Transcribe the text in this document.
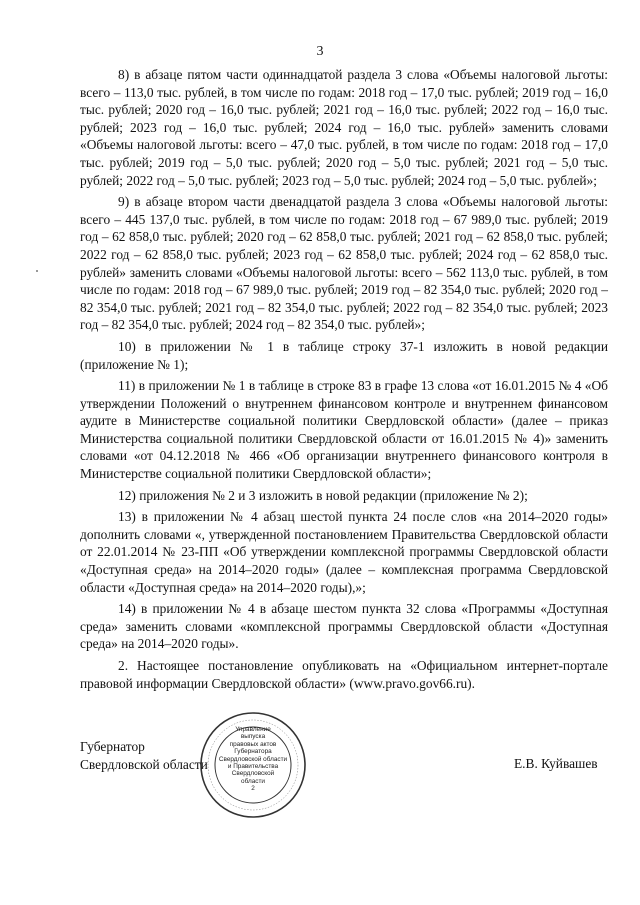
3

8) в абзаце пятом части одиннадцатой раздела 3 слова «Объемы налоговой льготы: всего – 113,0 тыс. рублей, в том числе по годам: 2018 год – 17,0 тыс. рублей; 2019 год – 16,0 тыс. рублей; 2020 год – 16,0 тыс. рублей; 2021 год – 16,0 тыс. рублей; 2022 год – 16,0 тыс. рублей; 2023 год – 16,0 тыс. рублей; 2024 год – 16,0 тыс. рублей» заменить словами «Объемы налоговой льготы: всего – 47,0 тыс. рублей, в том числе по годам: 2018 год – 17,0 тыс. рублей; 2019 год – 5,0 тыс. рублей; 2020 год – 5,0 тыс. рублей; 2021 год – 5,0 тыс. рублей; 2022 год – 5,0 тыс. рублей; 2023 год – 5,0 тыс. рублей; 2024 год – 5,0 тыс. рублей»;

9) в абзаце втором части двенадцатой раздела 3 слова «Объемы налоговой льготы: всего – 445 137,0 тыс. рублей, в том числе по годам: 2018 год – 67 989,0 тыс. рублей; 2019 год – 62 858,0 тыс. рублей; 2020 год – 62 858,0 тыс. рублей; 2021 год – 62 858,0 тыс. рублей; 2022 год – 62 858,0 тыс. рублей; 2023 год – 62 858,0 тыс. рублей; 2024 год – 62 858,0 тыс. рублей» заменить словами «Объемы налоговой льготы: всего – 562 113,0 тыс. рублей, в том числе по годам: 2018 год – 67 989,0 тыс. рублей; 2019 год – 82 354,0 тыс. рублей; 2020 год – 82 354,0 тыс. рублей; 2021 год – 82 354,0 тыс. рублей; 2022 год – 82 354,0 тыс. рублей; 2023 год – 82 354,0 тыс. рублей; 2024 год – 82 354,0 тыс. рублей»;

10) в приложении № 1 в таблице строку 37-1 изложить в новой редакции (приложение № 1);

11) в приложении № 1 в таблице в строке 83 в графе 13 слова «от 16.01.2015 № 4 «Об утверждении Положений о внутреннем финансовом контроле и внутреннем финансовом аудите в Министерстве социальной политики Свердловской области» (далее – приказ Министерства социальной политики Свердловской области от 16.01.2015 № 4)» заменить словами «от 04.12.2018 № 466 «Об организации внутреннего финансового контроля в Министерстве социальной политики Свердловской области»;

12) приложения № 2 и 3 изложить в новой редакции (приложение № 2);

13) в приложении № 4 абзац шестой пункта 24 после слов «на 2014–2020 годы» дополнить словами «, утвержденной постановлением Правительства Свердловской области от 22.01.2014 № 23-ПП «Об утверждении комплексной программы Свердловской области «Доступная среда» на 2014–2020 годы» (далее – комплексная программа Свердловской области «Доступная среда» на 2014–2020 годы),»;

14) в приложении № 4 в абзаце шестом пункта 32 слова «Программы «Доступная среда» заменить словами «комплексной программы Свердловской области «Доступная среда» на 2014–2020 годы».

2. Настоящее постановление опубликовать на «Официальном интернет-портале правовой информации Свердловской области» (www.pravo.gov66.ru).

Управление
выпуска
правовых актов
Губернатора
Свердловской области
и Правительства
Свердловской
области
2
Губернатор
Свердловской области	Е.В. Куйвашев
